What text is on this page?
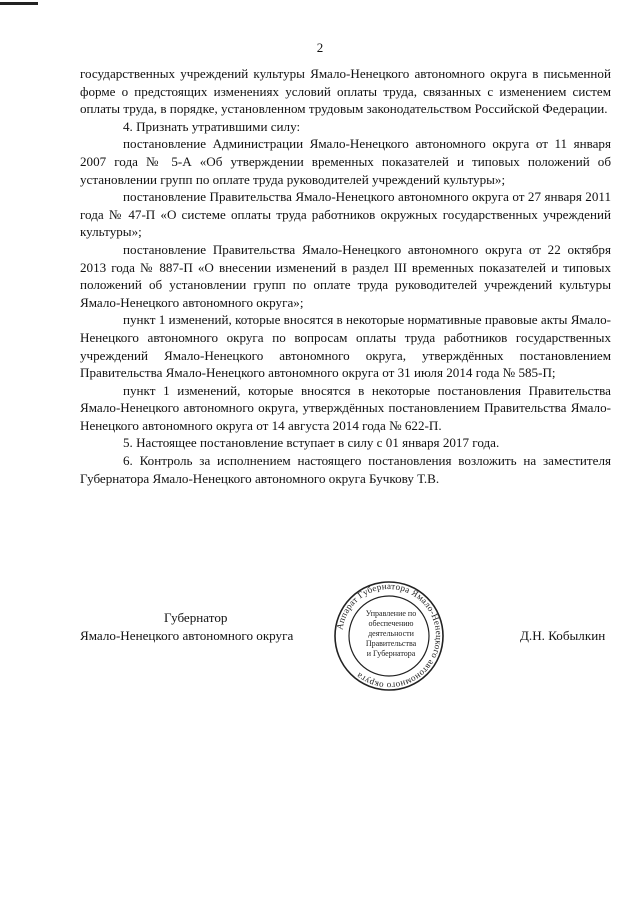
2

государственных учреждений культуры Ямало-Ненецкого автономного округа в письменной форме о предстоящих изменениях условий оплаты труда, связанных с изменением систем оплаты труда, в порядке, установленном трудовым законодательством Российской Федерации.

4. Признать утратившими силу:

постановление Администрации Ямало-Ненецкого автономного округа от 11 января 2007 года № 5-А «Об утверждении временных показателей и типовых положений об установлении групп по оплате труда руководителей учреждений культуры»;

постановление Правительства Ямало-Ненецкого автономного округа от 27 января 2011 года № 47-П «О системе оплаты труда работников окружных государственных учреждений культуры»;

постановление Правительства Ямало-Ненецкого автономного округа от 22 октября 2013 года № 887-П «О внесении изменений в раздел III временных показателей и типовых положений об установлении групп по оплате труда руководителей учреждений культуры Ямало-Ненецкого автономного округа»;

пункт 1 изменений, которые вносятся в некоторые нормативные правовые акты Ямало-Ненецкого автономного округа по вопросам оплаты труда работников государственных учреждений Ямало-Ненецкого автономного округа, утверждённых постановлением Правительства Ямало-Ненецкого автономного округа от 31 июля 2014 года № 585-П;

пункт 1 изменений, которые вносятся в некоторые постановления Правительства Ямало-Ненецкого автономного округа, утверждённых постановлением Правительства Ямало-Ненецкого автономного округа от 14 августа 2014 года № 622-П.

5. Настоящее постановление вступает в силу с 01 января 2017 года.

6. Контроль за исполнением настоящего постановления возложить на заместителя Губернатора Ямало-Ненецкого автономного округа Бучкову Т.В.

Губернатор
Ямало-Ненецкого автономного округа	Д.Н. Кобылкин
Аппарат Губернатора Ямало-Ненецкого автономного округа
Управление по
обеспечению
деятельности
Правительства
и Губернатора
